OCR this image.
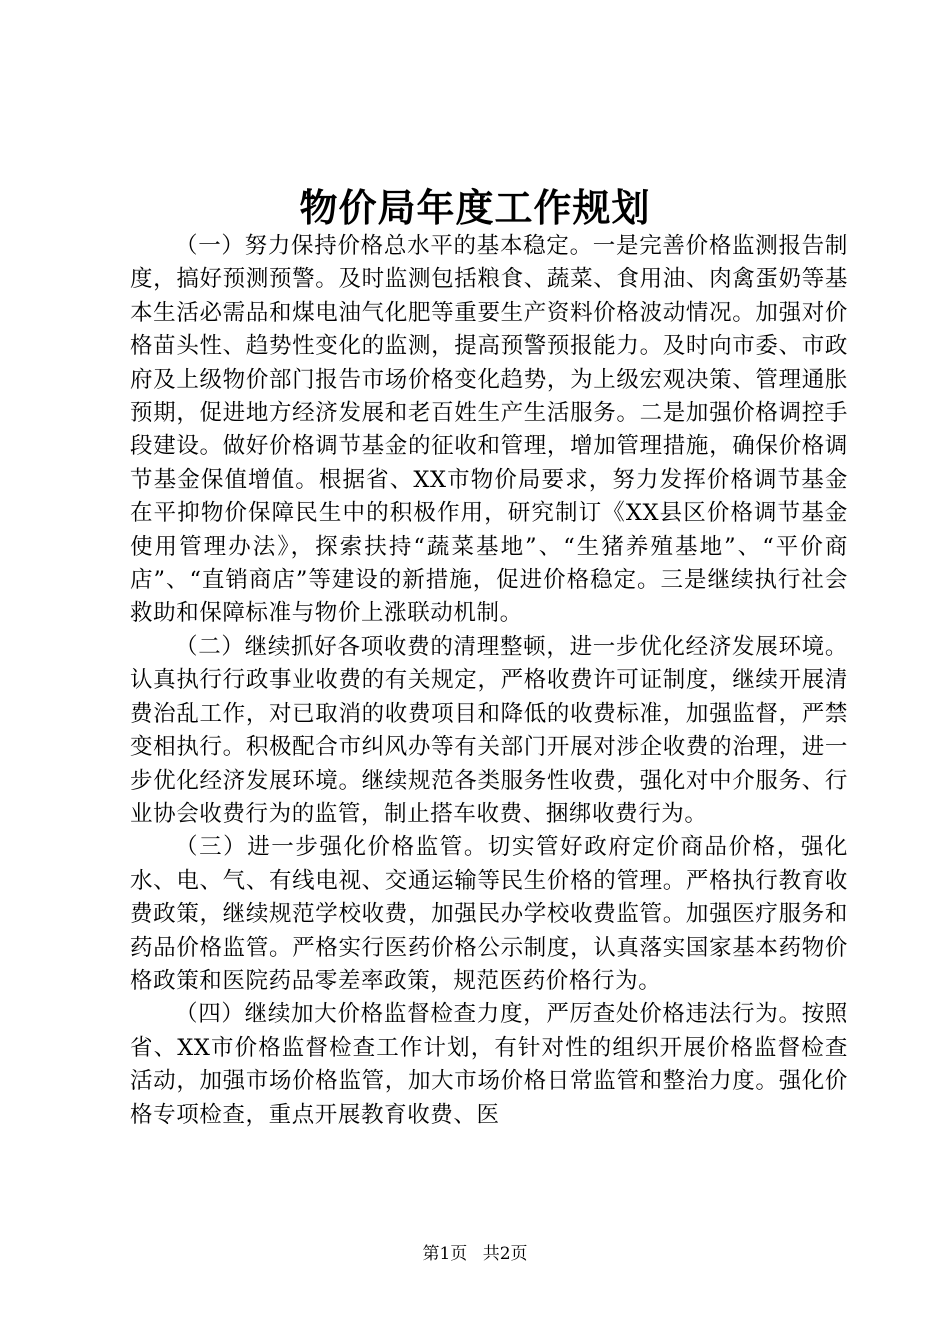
物价局年度工作规划

（一）努力保持价格总水平的基本稳定。一是完善价格监测报告制度，搞好预测预警。及时监测包括粮食、蔬菜、食用油、肉禽蛋奶等基本生活必需品和煤电油气化肥等重要生产资料价格波动情况。加强对价格苗头性、趋势性变化的监测，提高预警预报能力。及时向市委、市政府及上级物价部门报告市场价格变化趋势，为上级宏观决策、管理通胀预期，促进地方经济发展和老百姓生产生活服务。二是加强价格调控手段建设。做好价格调节基金的征收和管理，增加管理措施，确保价格调节基金保值增值。根据省、XX市物价局要求，努力发挥价格调节基金在平抑物价保障民生中的积极作用，研究制订《XX县区价格调节基金使用管理办法》，探索扶持“蔬菜基地”、“生猪养殖基地”、“平价商店”、“直销商店”等建设的新措施，促进价格稳定。三是继续执行社会救助和保障标准与物价上涨联动机制。

（二）继续抓好各项收费的清理整顿，进一步优化经济发展环境。认真执行行政事业收费的有关规定，严格收费许可证制度，继续开展清费治乱工作，对已取消的收费项目和降低的收费标准，加强监督，严禁变相执行。积极配合市纠风办等有关部门开展对涉企收费的治理，进一步优化经济发展环境。继续规范各类服务性收费，强化对中介服务、行业协会收费行为的监管，制止搭车收费、捆绑收费行为。

（三）进一步强化价格监管。切实管好政府定价商品价格，强化水、电、气、有线电视、交通运输等民生价格的管理。严格执行教育收费政策，继续规范学校收费，加强民办学校收费监管。加强医疗服务和药品价格监管。严格实行医药价格公示制度，认真落实国家基本药物价格政策和医院药品零差率政策，规范医药价格行为。

（四）继续加大价格监督检查力度，严厉查处价格违法行为。按照省、XX市价格监督检查工作计划，有针对性的组织开展价格监督检查活动，加强市场价格监管，加大市场价格日常监管和整治力度。强化价格专项检查，重点开展教育收费、医

第1页 共2页
